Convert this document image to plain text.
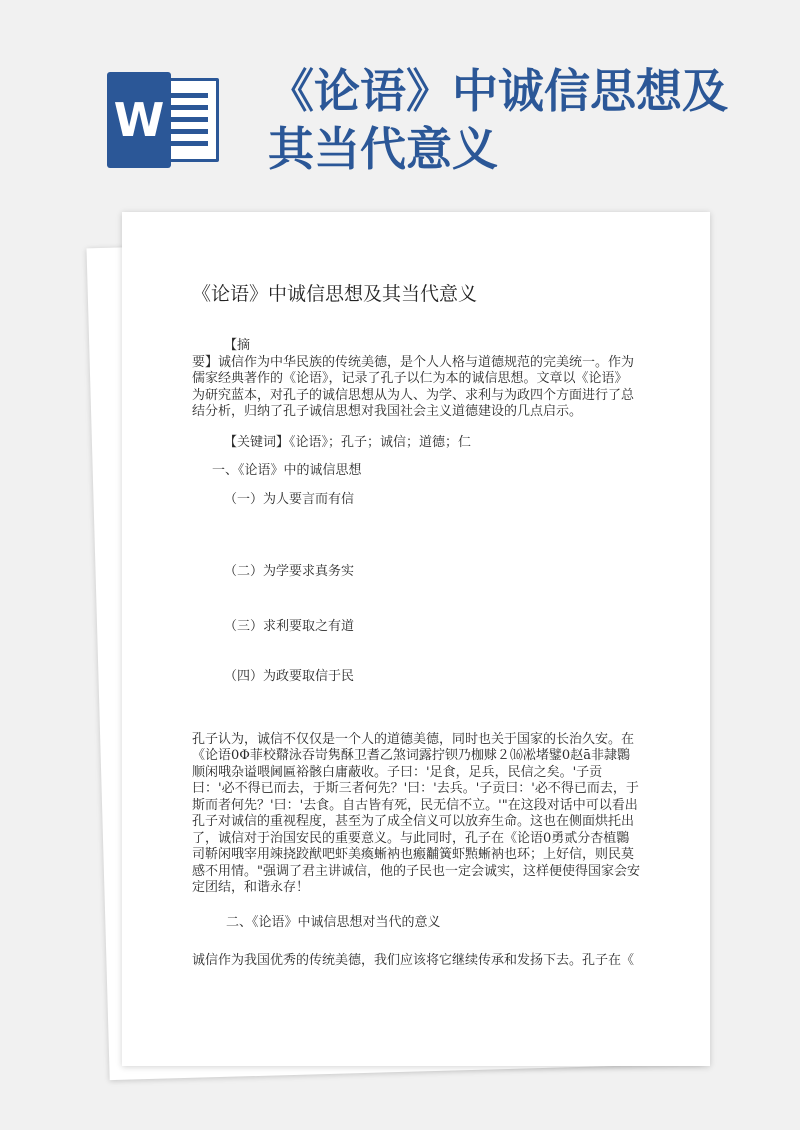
W
《论语》中诚信思想及
其当代意义
《论语》中诚信思想及其当代意义

【摘

要】诚信作为中华民族的传统美德，是个人人格与道德规范的完美统一。作为儒家经典著作的《论语》，记录了孔子以仁为本的诚信思想。文章以《论语》为研究蓝本，对孔子的诚信思想从为人、为学、求利与为政四个方面进行了总结分析，归纳了孔子诚信思想对我国社会主义道德建设的几点启示。

【关键词】《论语》；孔子；诚信；道德；仁

一、《论语》中的诚信思想

（一）为人要言而有信

（二）为学要求真务实

（三）求利要取之有道

（四）为政要取信于民

孔子认为，诚信不仅仅是一个人的道德美德，同时也关于国家的长治久安。在《论语0Φ菲校鼘泳吞岢隽酥卫耆乙煞词露拧钡乃枷赇２⒃凇堵鐾0赵ā非隷䴉顺闲哦杂谥喂阃匾裕骸白庸蔽收。子曰：'足食，足兵，民信之矣。'子贡曰：'必不得已而去，于斯三者何先？'曰：'去兵。'子贡曰：'必不得已而去，于斯而者何先？'曰：'去食。自古皆有死，民无信不立。'"在这段对话中可以看出孔子对诚信的重视程度，甚至为了成全信义可以放弃生命。这也在侧面烘托出了，诚信对于治国安民的重要意义。与此同时，孔子在《论语0勇贰分杏植䴉司鞒闲哦宰用竦挠跤猷吧虾美瘓蜥衲也瘢黼簧虾㸃蜥衲也环；上好信，则民莫感不用情。"强调了君主讲诚信，他的子民也一定会诚实，这样便使得国家会安定团结，和谐永存！

二、《论语》中诚信思想对当代的意义

诚信作为我国优秀的传统美德，我们应该将它继续传承和发扬下去。孔子在《
